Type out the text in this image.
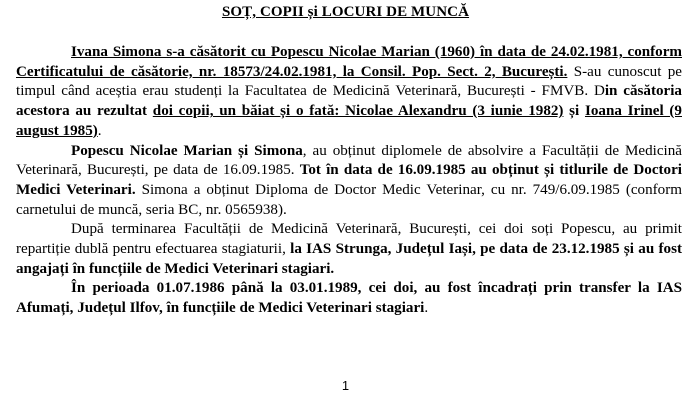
SOȚ, COPII și LOCURI DE MUNCĂ

Ivana Simona s-a căsătorit cu Popescu Nicolae Marian (1960) în data de 24.02.1981, conform Certificatului de căsătorie, nr. 18573/24.02.1981, la Consil. Pop. Sect. 2, București. S-au cunoscut pe timpul când aceștia erau studenți la Facultatea de Medicină Veterinară, București - FMVB. Din căsătoria acestora au rezultat doi copii, un băiat și o fată: Nicolae Alexandru (3 iunie 1982) și Ioana Irinel (9 august 1985).

Popescu Nicolae Marian și Simona, au obținut diplomele de absolvire a Facultății de Medicină Veterinară, București, pe data de 16.09.1985. Tot în data de 16.09.1985 au obținut și titlurile de Doctori Medici Veterinari. Simona a obținut Diploma de Doctor Medic Veterinar, cu nr. 749/6.09.1985 (conform carnetului de muncă, seria BC, nr. 0565938).

După terminarea Facultății de Medicină Veterinară, București, cei doi soți Popescu, au primit repartiție dublă pentru efectuarea stagiaturii, la IAS Strunga, Județul Iași, pe data de 23.12.1985 și au fost angajați în funcțiile de Medici Veterinari stagiari.

În perioada 01.07.1986 până la 03.01.1989, cei doi, au fost încadrați prin transfer la IAS Afumați, Județul Ilfov, în funcțiile de Medici Veterinari stagiari.

1
